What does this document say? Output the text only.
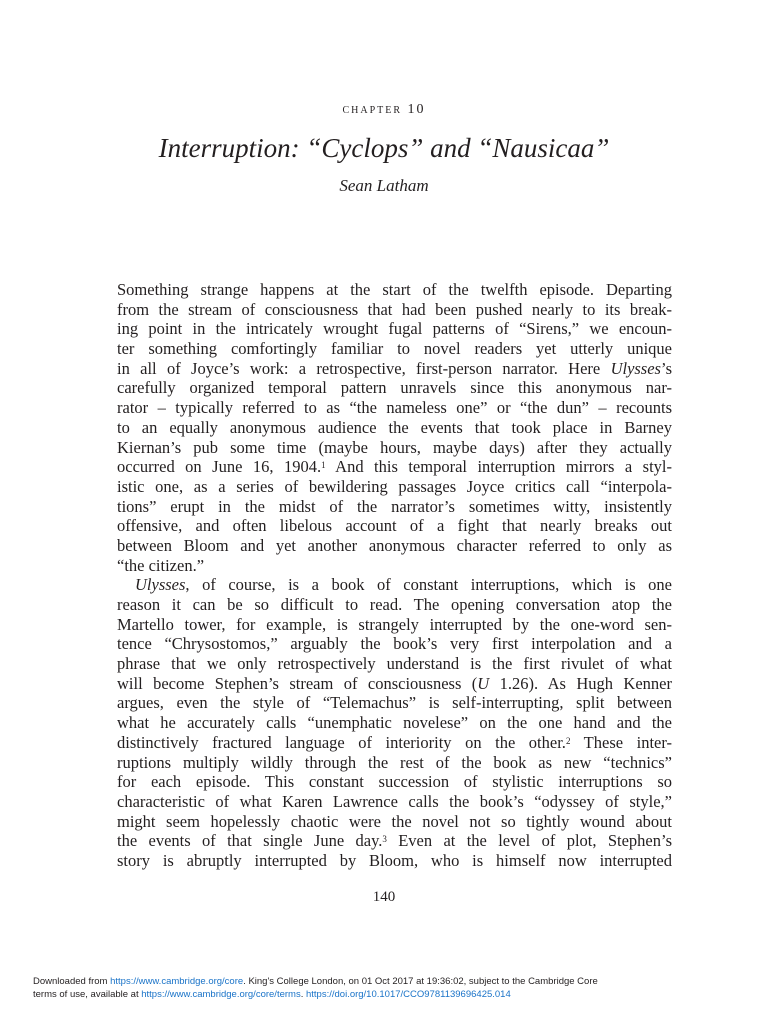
chapter 10
Interruption: “Cyclops” and “Nausicaa”
Sean Latham
Something strange happens at the start of the twelfth episode. Departing
from the stream of consciousness that had been pushed nearly to its break-
ing point in the intricately wrought fugal patterns of “Sirens,” we encoun-
ter something comfortingly familiar to novel readers yet utterly unique
in all of Joyce’s work: a retrospective, first-person narrator. Here Ulysses’s
carefully organized temporal pattern unravels since this anonymous nar-
rator – typically referred to as “the nameless one” or “the dun” – recounts
to an equally anonymous audience the events that took place in Barney
Kiernan’s pub some time (maybe hours, maybe days) after they actually
occurred on June 16, 1904.$^1$ And this temporal interruption mirrors a styl-
istic one, as a series of bewildering passages Joyce critics call “interpola-
tions” erupt in the midst of the narrator’s sometimes witty, insistently
offensive, and often libelous account of a fight that nearly breaks out
between Bloom and yet another anonymous character referred to only as
“the citizen.”
Ulysses, of course, is a book of constant interruptions, which is one
reason it can be so difficult to read. The opening conversation atop the
Martello tower, for example, is strangely interrupted by the one-word sen-
tence “Chrysostomos,” arguably the book’s very first interpolation and a
phrase that we only retrospectively understand is the first rivulet of what
will become Stephen’s stream of consciousness (U 1.26). As Hugh Kenner
argues, even the style of “Telemachus” is self-interrupting, split between
what he accurately calls “unemphatic novelese” on the one hand and the
distinctively fractured language of interiority on the other.$^2$ These inter-
ruptions multiply wildly through the rest of the book as new “technics”
for each episode. This constant succession of stylistic interruptions so
characteristic of what Karen Lawrence calls the book’s “odyssey of style,”
might seem hopelessly chaotic were the novel not so tightly wound about
the events of that single June day.$^3$ Even at the level of plot, Stephen’s
story is abruptly interrupted by Bloom, who is himself now interrupted
140
Downloaded from https://www.cambridge.org/core. King's College London, on 01 Oct 2017 at 19:36:02, subject to the Cambridge Core
terms of use, available at https://www.cambridge.org/core/terms. https://doi.org/10.1017/CCO9781139696425.014
